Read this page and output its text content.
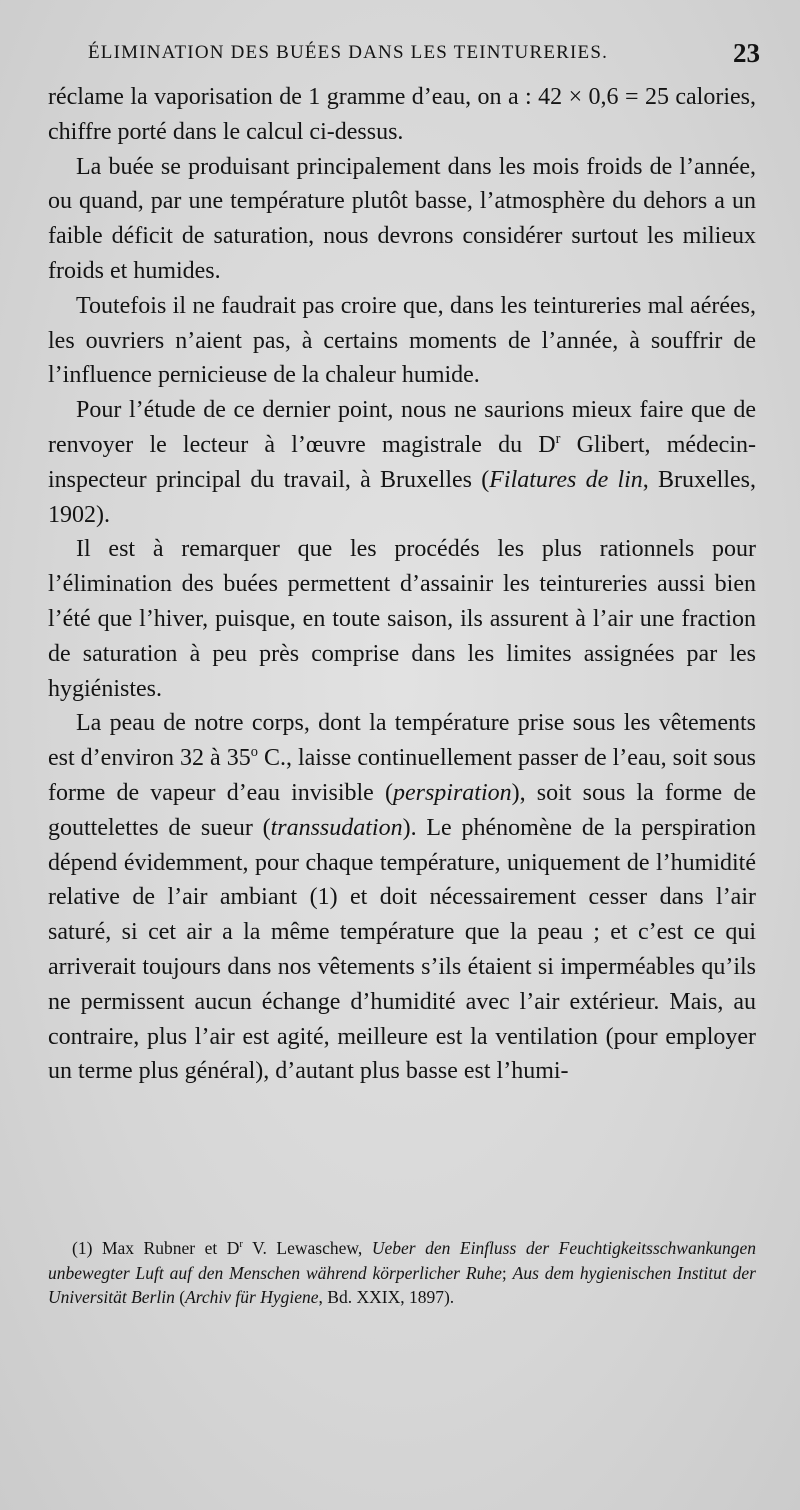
ÉLIMINATION DES BUÉES DANS LES TEINTURERIES.	23

réclame la vaporisation de 1 gramme d’eau, on a : 42 × 0,6 = 25 calories, chiffre porté dans le calcul ci-dessus.

La buée se produisant principalement dans les mois froids de l’année, ou quand, par une température plutôt basse, l’atmosphère du dehors a un faible déficit de saturation, nous devrons considérer surtout les milieux froids et humides.

Toutefois il ne faudrait pas croire que, dans les teintureries mal aérées, les ouvriers n’aient pas, à certains moments de l’année, à souffrir de l’influence pernicieuse de la chaleur humide.

Pour l’étude de ce dernier point, nous ne saurions mieux faire que de renvoyer le lecteur à l’œuvre magistrale du $D^r$ Glibert, médecin-inspecteur principal du travail, à Bruxelles (Filatures de lin, Bruxelles, 1902).

Il est à remarquer que les procédés les plus rationnels pour l’élimination des buées permettent d’assainir les teintureries aussi bien l’été que l’hiver, puisque, en toute saison, ils assurent à l’air une fraction de saturation à peu près comprise dans les limites assignées par les hygiénistes.

La peau de notre corps, dont la température prise sous les vêtements est d’environ 32 à 35$^o$ C., laisse continuellement passer de l’eau, soit sous forme de vapeur d’eau invisible (perspiration), soit sous la forme de gouttelettes de sueur (transsudation). Le phénomène de la perspiration dépend évidemment, pour chaque température, uniquement de l’humidité relative de l’air ambiant (1) et doit nécessairement cesser dans l’air saturé, si cet air a la même température que la peau ; et c’est ce qui arriverait toujours dans nos vêtements s’ils étaient si imperméables qu’ils ne permissent aucun échange d’humidité avec l’air extérieur. Mais, au contraire, plus l’air est agité, meilleure est la ventilation (pour employer un terme plus général), d’autant plus basse est l’humi-

(1) Max Rubner et $D^r$ V. Lewaschew, Ueber den Einfluss der Feuchtigkeitsschwankungen unbewegter Luft auf den Menschen während körperlicher Ruhe; Aus dem hygienischen Institut der Universität Berlin (Archiv für Hygiene, Bd. XXIX, 1897).
